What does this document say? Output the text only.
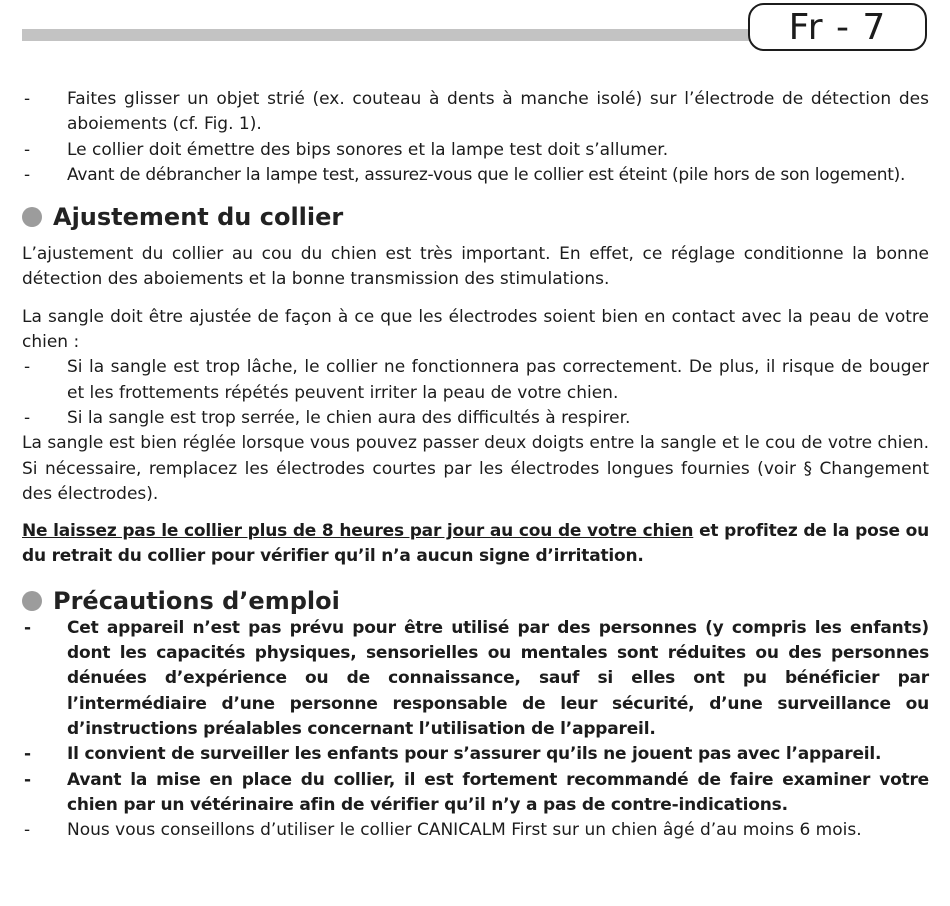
Fr - 7
- Faites glisser un objet strié (ex. couteau à dents à manche isolé) sur l’électrode de détection des aboiements (cf. Fig. 1).
- Le collier doit émettre des bips sonores et la lampe test doit s’allumer.
- Avant de débrancher la lampe test, assurez-vous que le collier est éteint (pile hors de son logement).
Ajustement du collier

L’ajustement du collier au cou du chien est très important. En effet, ce réglage conditionne la bonne détection des aboiements et la bonne transmission des stimulations.

La sangle doit être ajustée de façon à ce que les électrodes soient bien en contact avec la peau de votre chien :

- Si la sangle est trop lâche, le collier ne fonctionnera pas correctement. De plus, il risque de bouger et les frottements répétés peuvent irriter la peau de votre chien.
- Si la sangle est trop serrée, le chien aura des difficultés à respirer.

La sangle est bien réglée lorsque vous pouvez passer deux doigts entre la sangle et le cou de votre chien. Si nécessaire, remplacez les électrodes courtes par les électrodes longues fournies (voir § Changement des électrodes).

Ne laissez pas le collier plus de 8 heures par jour au cou de votre chien et profitez de la pose ou du retrait du collier pour vérifier qu’il n’a aucun signe d’irritation.

Précautions d’emploi
- Cet appareil n’est pas prévu pour être utilisé par des personnes (y compris les enfants) dont les capacités physiques, sensorielles ou mentales sont réduites ou des personnes dénuées d’expérience ou de connaissance, sauf si elles ont pu bénéficier par l’intermédiaire d’une personne responsable de leur sécurité, d’une surveillance ou d’instructions préalables concernant l’utilisation de l’appareil.
- Il convient de surveiller les enfants pour s’assurer qu’ils ne jouent pas avec l’appareil.
- Avant la mise en place du collier, il est fortement recommandé de faire examiner votre chien par un vétérinaire afin de vérifier qu’il n’y a pas de contre-indications.
- Nous vous conseillons d’utiliser le collier CANICALM First sur un chien âgé d’au moins 6 mois.
